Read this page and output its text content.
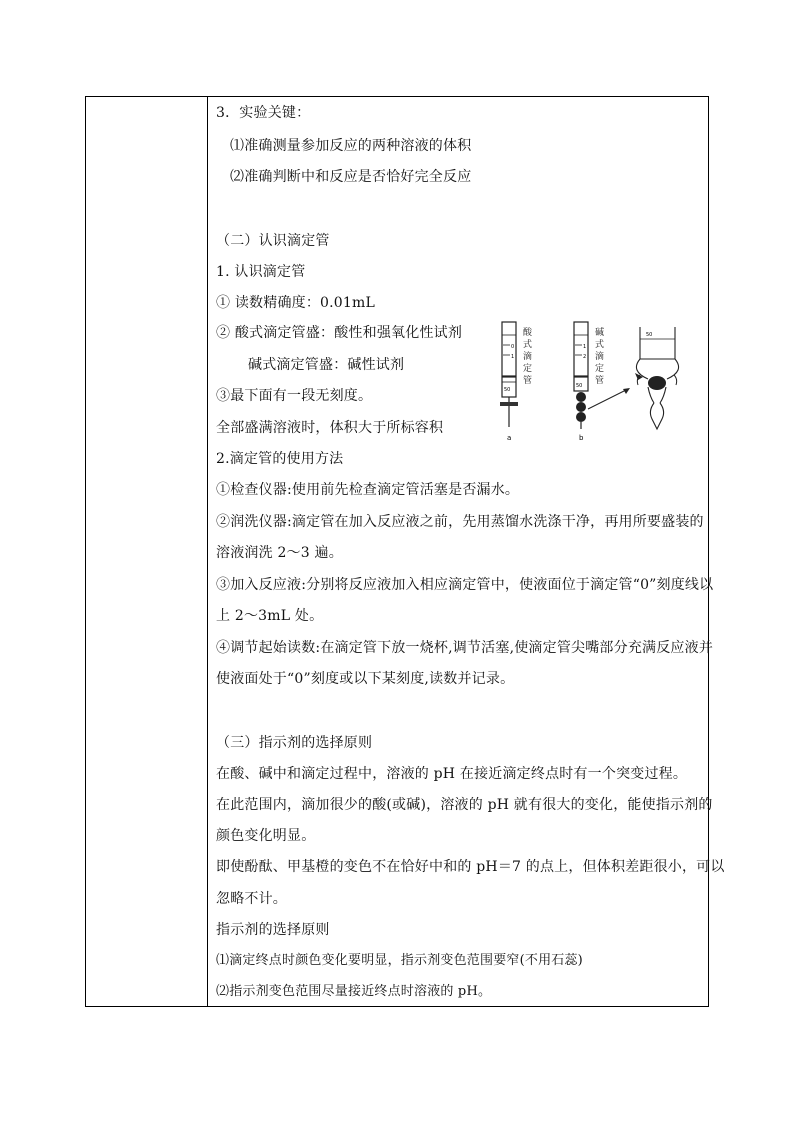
3．实验关键：
⑴准确测量参加反应的两种溶液的体积
⑵准确判断中和反应是否恰好完全反应
（二）认识滴定管
1. 认识滴定管
① 读数精确度：0.01mL
② 酸式滴定管盛：酸性和强氧化性试剂
碱式滴定管盛：碱性试剂
③最下面有一段无刻度。
全部盛满溶液时，体积大于所标容积
2.滴定管的使用方法
①检查仪器:使用前先检查滴定管活塞是否漏水。
②润洗仪器:滴定管在加入反应液之前，先用蒸馏水洗涤干净，再用所要盛装的
溶液润洗 2～3 遍。
③加入反应液:分别将反应液加入相应滴定管中，使液面位于滴定管“0”刻度线以
上 2～3mL 处。
④调节起始读数:在滴定管下放一烧杯,调节活塞,使滴定管尖嘴部分充满反应液并
使液面处于“0”刻度或以下某刻度,读数并记录。
（三）指示剂的选择原则
在酸、碱中和滴定过程中，溶液的 pH 在接近滴定终点时有一个突变过程。
在此范围内，滴加很少的酸(或碱)，溶液的 pH 就有很大的变化，能使指示剂的
颜色变化明显。
即使酚酞、甲基橙的变色不在恰好中和的 pH＝7 的点上，但体积差距很小，可以
忽略不计。
指示剂的选择原则
⑴滴定终点时颜色变化要明显，指示剂变色范围要窄(不用石蕊)
⑵指示剂变色范围尽量接近终点时溶液的 pH。
0
1
50
a
酸 式 滴 定 管
1
2
50
b
碱 式 滴 定 管
50
